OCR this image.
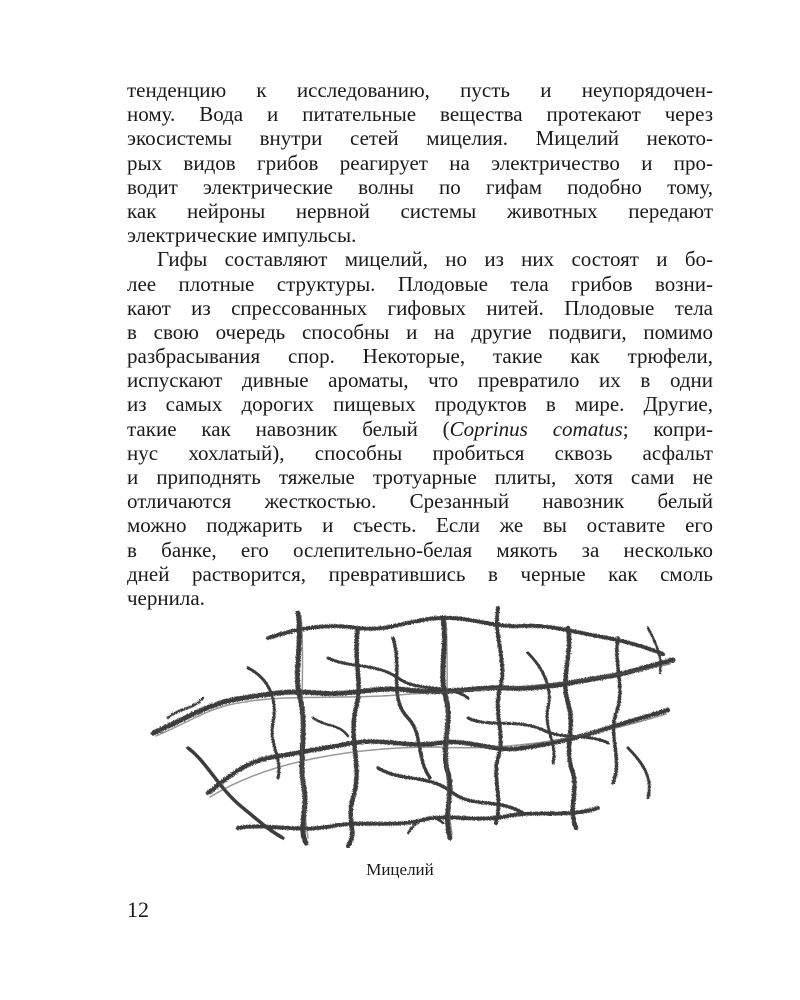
тенденцию к исследованию, пусть и неупорядочен-
ному. Вода и питательные вещества протекают через
экосистемы внутри сетей мицелия. Мицелий некото-
рых видов грибов реагирует на электричество и про-
водит электрические волны по гифам подобно тому,
как нейроны нервной системы животных передают
электрические импульсы.
Гифы составляют мицелий, но из них состоят и бо-
лее плотные структуры. Плодовые тела грибов возни-
кают из спрессованных гифовых нитей. Плодовые тела
в свою очередь способны и на другие подвиги, помимо
разбрасывания спор. Некоторые, такие как трюфели,
испускают дивные ароматы, что превратило их в одни
из самых дорогих пищевых продуктов в мире. Другие,
такие как навозник белый (Coprinus comatus; копри-
нус хохлатый), способны пробиться сквозь асфальт
и приподнять тяжелые тротуарные плиты, хотя сами не
отличаются жесткостью. Срезанный навозник белый
можно поджарить и съесть. Если же вы оставите его
в банке, его ослепительно-белая мякоть за несколько
дней растворится, превратившись в черные как смоль
чернила.
Мицелий
12
